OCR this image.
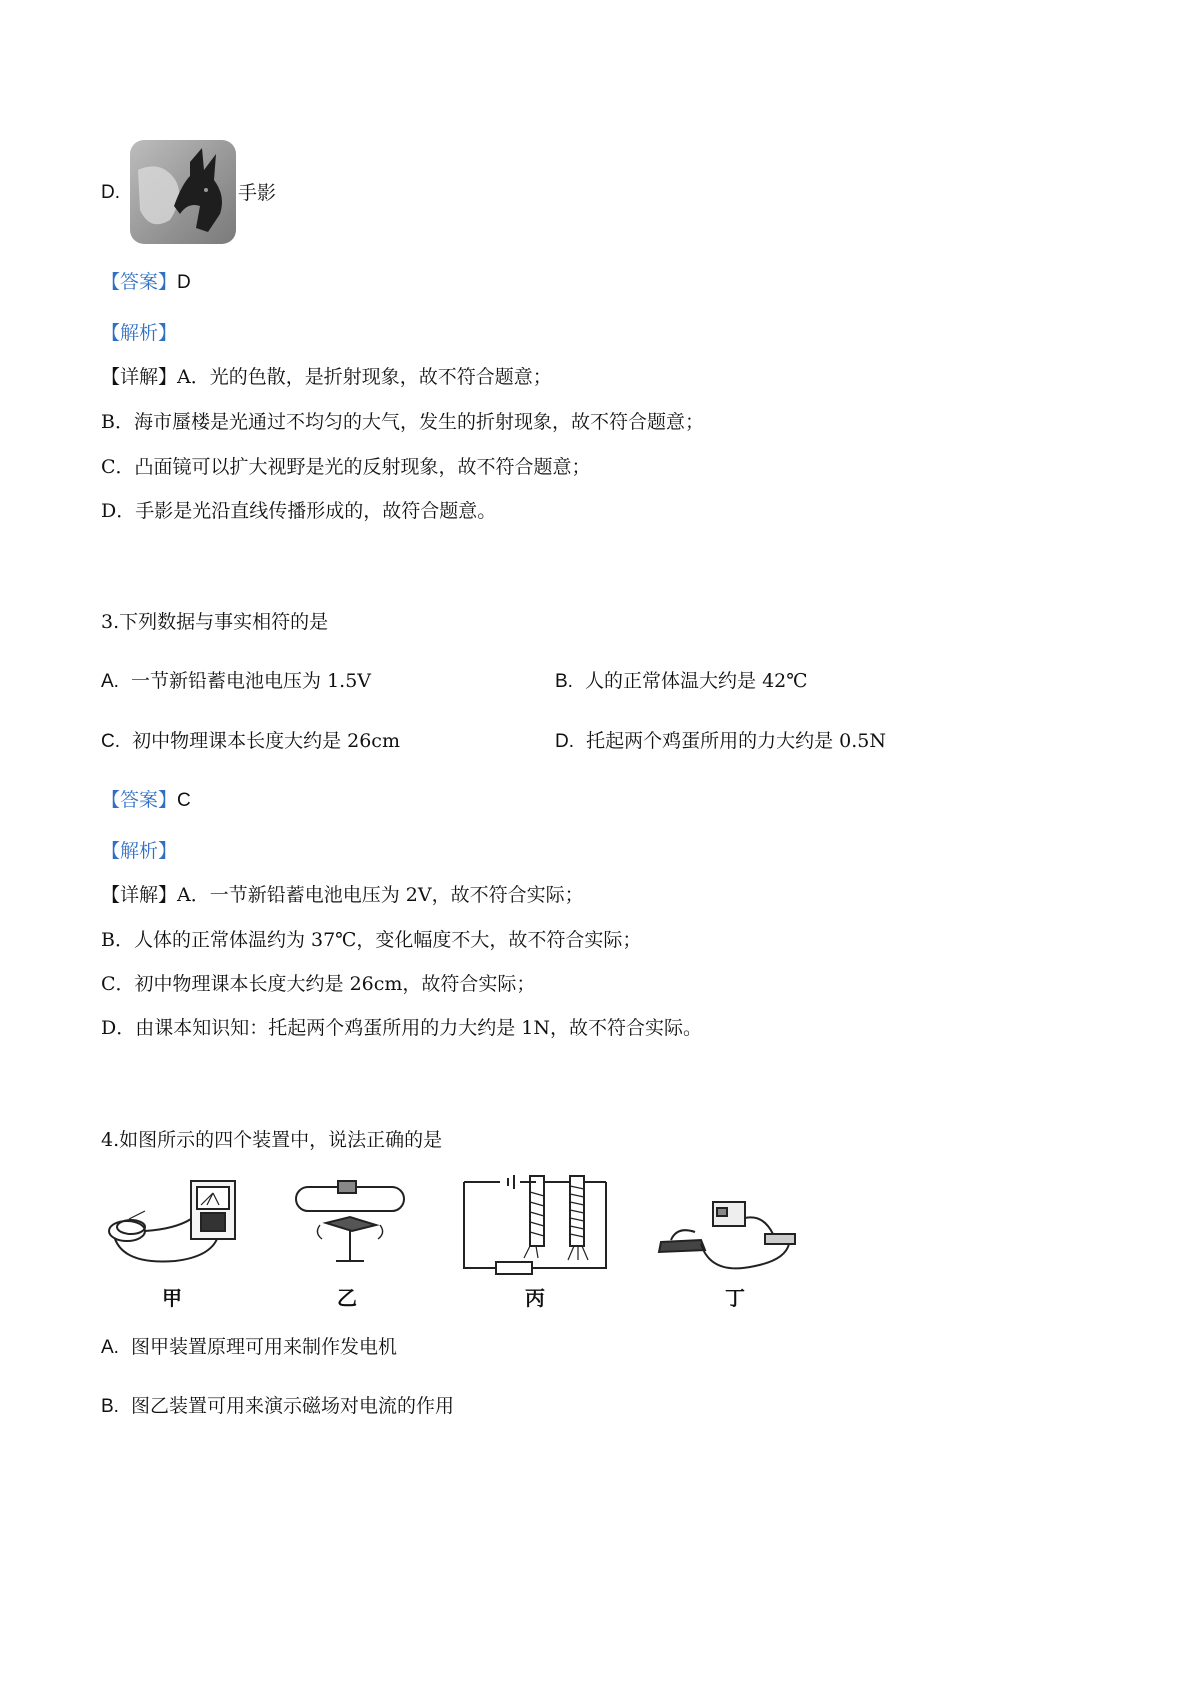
D.	手影
【答案】D
【解析】
【详解】A．光的色散，是折射现象，故不符合题意；
B．海市蜃楼是光通过不均匀的大气，发生的折射现象，故不符合题意；
C．凸面镜可以扩大视野是光的反射现象，故不符合题意；
D．手影是光沿直线传播形成的，故符合题意。
3.下列数据与事实相符的是
A. 一节新铅蓄电池电压为 1.5V	B. 人的正常体温大约是 42℃
C. 初中物理课本长度大约是 26cm	D. 托起两个鸡蛋所用的力大约是 0.5N
【答案】C
【解析】
【详解】A．一节新铅蓄电池电压为 2V，故不符合实际；
B．人体的正常体温约为 37℃，变化幅度不大，故不符合实际；
C．初中物理课本长度大约是 26cm，故符合实际；
D．由课本知识知：托起两个鸡蛋所用的力大约是 1N，故不符合实际。
4.如图所示的四个装置中，说法正确的是
甲	乙	丙	丁
A. 图甲装置原理可用来制作发电机
B. 图乙装置可用来演示磁场对电流的作用
